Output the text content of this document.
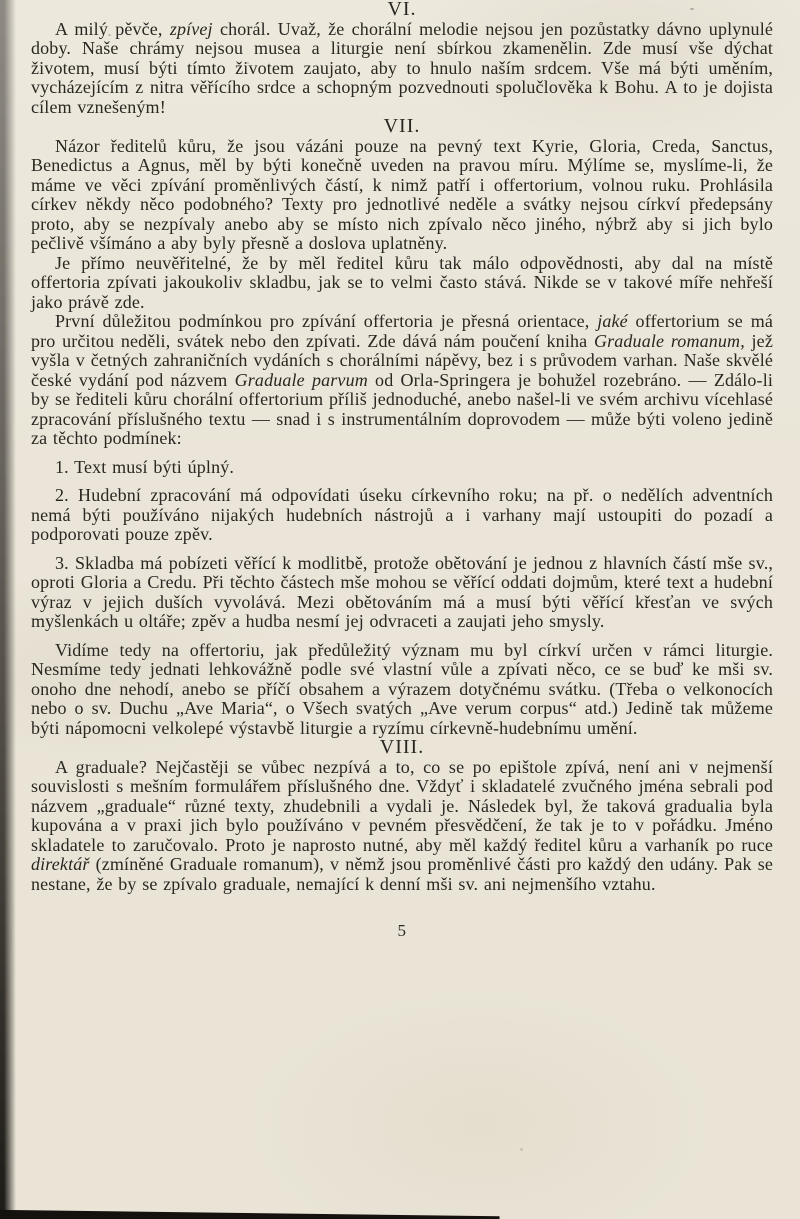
VI.

A milý pěvče, zpívej chorál. Uvaž, že chorální melodie nejsou jen pozůstatky dávno uplynulé doby. Naše chrámy nejsou musea a liturgie není sbírkou zkamenělin. Zde musí vše dýchat životem, musí býti tímto životem zaujato, aby to hnulo naším srdcem. Vše má býti uměním, vycházejícím z nitra věřícího srdce a schopným pozvednouti spolučlověka k Bohu. A to je dojista cílem vznešeným!

VII.

Názor ředitelů kůru, že jsou vázáni pouze na pevný text Kyrie, Gloria, Creda, Sanctus, Benedictus a Agnus, měl by býti konečně uveden na pravou míru. Mýlíme se, myslíme-li, že máme ve věci zpívání proměnlivých částí, k nimž patří i offertorium, volnou ruku. Prohlásila církev někdy něco podobného? Texty pro jednotlivé neděle a svátky nejsou církví předepsány proto, aby se nezpívaly anebo aby se místo nich zpívalo něco jiného, nýbrž aby si jich bylo pečlivě všímáno a aby byly přesně a doslova uplatněny.

Je přímo neuvěřitelné, že by měl ředitel kůru tak málo odpovědnosti, aby dal na místě offertoria zpívati jakoukoliv skladbu, jak se to velmi často stává. Nikde se v takové míře nehřeší jako právě zde.

První důležitou podmínkou pro zpívání offertoria je přesná orientace, jaké offertorium se má pro určitou neděli, svátek nebo den zpívati. Zde dává nám poučení kniha Graduale romanum, jež vyšla v četných zahraničních vydáních s chorálními nápěvy, bez i s průvodem varhan. Naše skvělé české vydání pod názvem Graduale parvum od Orla-Springera je bohužel rozebráno. — Zdálo-li by se řediteli kůru chorální offertorium příliš jednoduché, anebo našel-li ve svém archivu vícehlasé zpracování příslušného textu — snad i s instrumentálním doprovodem — může býti voleno jedině za těchto podmínek:

1. Text musí býti úplný.

2. Hudební zpracování má odpovídati úseku církevního roku; na př. o nedělích adventních nemá býti používáno nijakých hudebních nástrojů a i varhany mají ustoupiti do pozadí a podporovati pouze zpěv.

3. Skladba má pobízeti věřící k modlitbě, protože obětování je jednou z hlavních částí mše sv., oproti Gloria a Credu. Při těchto částech mše mohou se věřící oddati dojmům, které text a hudební výraz v jejich duších vyvolává. Mezi obětováním má a musí býti věřící křesťan ve svých myšlenkách u oltáře; zpěv a hudba nesmí jej odvraceti a zaujati jeho smysly.

Vidíme tedy na offertoriu, jak předůležitý význam mu byl církví určen v rámci liturgie. Nesmíme tedy jednati lehkovážně podle své vlastní vůle a zpívati něco, ce se buď ke mši sv. onoho dne nehodí, anebo se příčí obsahem a výrazem dotyčnému svátku. (Třeba o velkonocích nebo o sv. Duchu „Ave Maria“, o Všech svatých „Ave verum corpus“ atd.) Jedině tak můžeme býti nápomocni velkolepé výstavbě liturgie a ryzímu církevně-hudebnímu umění.

VIII.

A graduale? Nejčastěji se vůbec nezpívá a to, co se po epištole zpívá, není ani v nejmenší souvislosti s mešním formulářem příslušného dne. Vždyť i skladatelé zvučného jména sebrali pod názvem „graduale“ různé texty, zhudebnili a vydali je. Následek byl, že taková gradualia byla kupována a v praxi jich bylo používáno v pevném přesvědčení, že tak je to v pořádku. Jméno skladatele to zaručovalo. Proto je naprosto nutné, aby měl každý ředitel kůru a varhaník po ruce direktář (zmíněné Graduale romanum), v němž jsou proměnlivé části pro každý den udány. Pak se nestane, že by se zpívalo graduale, nemající k denní mši sv. ani nejmenšího vztahu.

5
